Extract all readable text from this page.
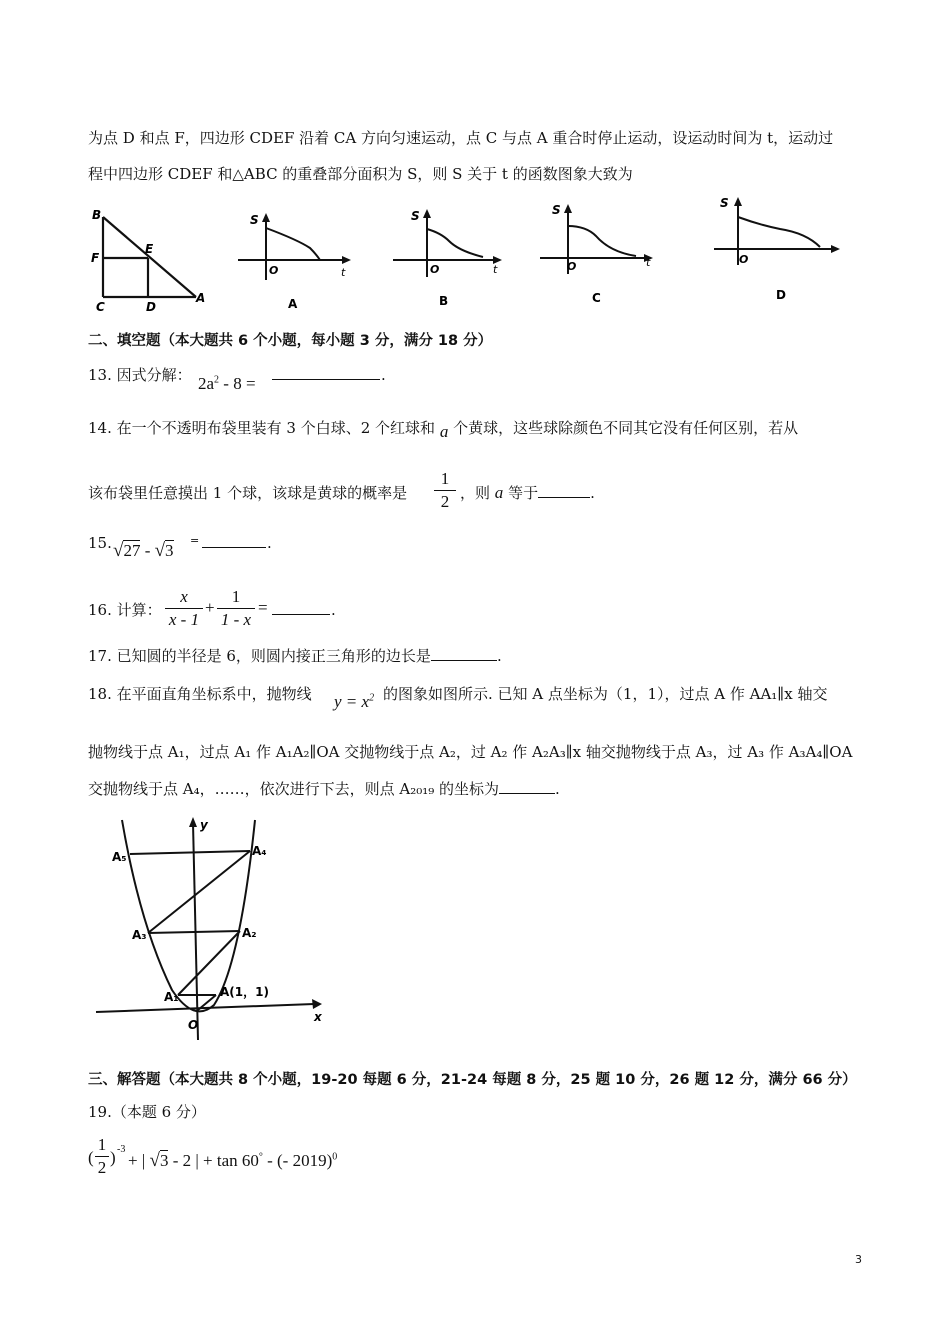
为点 D 和点 F，四边形 CDEF 沿着 CA 方向匀速运动，点 C 与点 A 重合时停止运动，设运动时间为 t，运动过
程中四边形 CDEF 和△ABC 的重叠部分面积为 S，则 S 关于 t 的函数图象大致为
B
F
E
C	D
A
S
t
O
A
S
t
O
B
S
t
O
C
S
O
D
二、填空题（本大题共 6 个小题，每小题 3 分，满分 18 分）
13. 因式分解： $2a^2 - 8$ =	.
14. 在一个不透明布袋里装有 3 个白球、2 个红球和 a 个黄球，这些球除颜色不同其它没有任何区别，若从
该布袋里任意摸出 1 个球，该球是黄球的概率是
1
2 ，则 a 等于	.
15. √27 - √3
=	.
16. 计算：
x
x - 1
+
1
1 - x
=	.
17. 已知圆的半径是 6，则圆内接正三角形的边长是	.
18. 在平面直角坐标系中，抛物线 $y = x^2$ 的图象如图所示. 已知 A 点坐标为（1，1），过点 A 作 AA₁∥x 轴交
抛物线于点 A₁，过点 A₁ 作 A₁A₂∥OA 交抛物线于点 A₂，过 A₂ 作 A₂A₃∥x 轴交抛物线于点 A₃，过 A₃ 作 A₃A₄∥OA
交抛物线于点 A₄，……，依次进行下去，则点 A₂₀₁₉ 的坐标为	.
y
x
A₅	A₄
A₃	A₂
A₁	A(1，1)
O
三、解答题（本大题共 8 个小题，19-20 每题 6 分，21-24 每题 8 分，25 题 10 分，26 题 12 分，满分 66 分）
19.（本题 6 分）
(
1
2
) -3
+ | √3 - 2 | + tan 60° - (- 2019)$^0$
3
